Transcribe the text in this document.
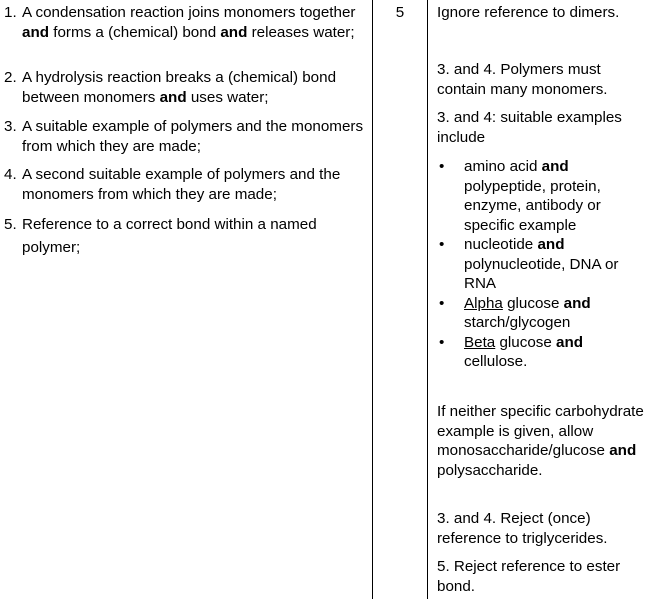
1. A condensation reaction joins monomers together and forms a (chemical) bond and releases water;
2. A hydrolysis reaction breaks a (chemical) bond between monomers and uses water;
3. A suitable example of polymers and the monomers from which they are made;
4. A second suitable example of polymers and the monomers from which they are made;
5. Reference to a correct bond within a named polymer;
5	Ignore reference to dimers.
3. and 4. Polymers must contain many monomers.
3. and 4: suitable examples include
• amino acid and polypeptide, protein, enzyme, antibody or specific example
• nucleotide and polynucleotide, DNA or RNA
• Alpha glucose and starch/glycogen
• Beta glucose and cellulose.
If neither specific carbohydrate example is given, allow monosaccharide/glucose and polysaccharide.
3. and 4. Reject (once) reference to triglycerides.
5. Reject reference to ester bond.
